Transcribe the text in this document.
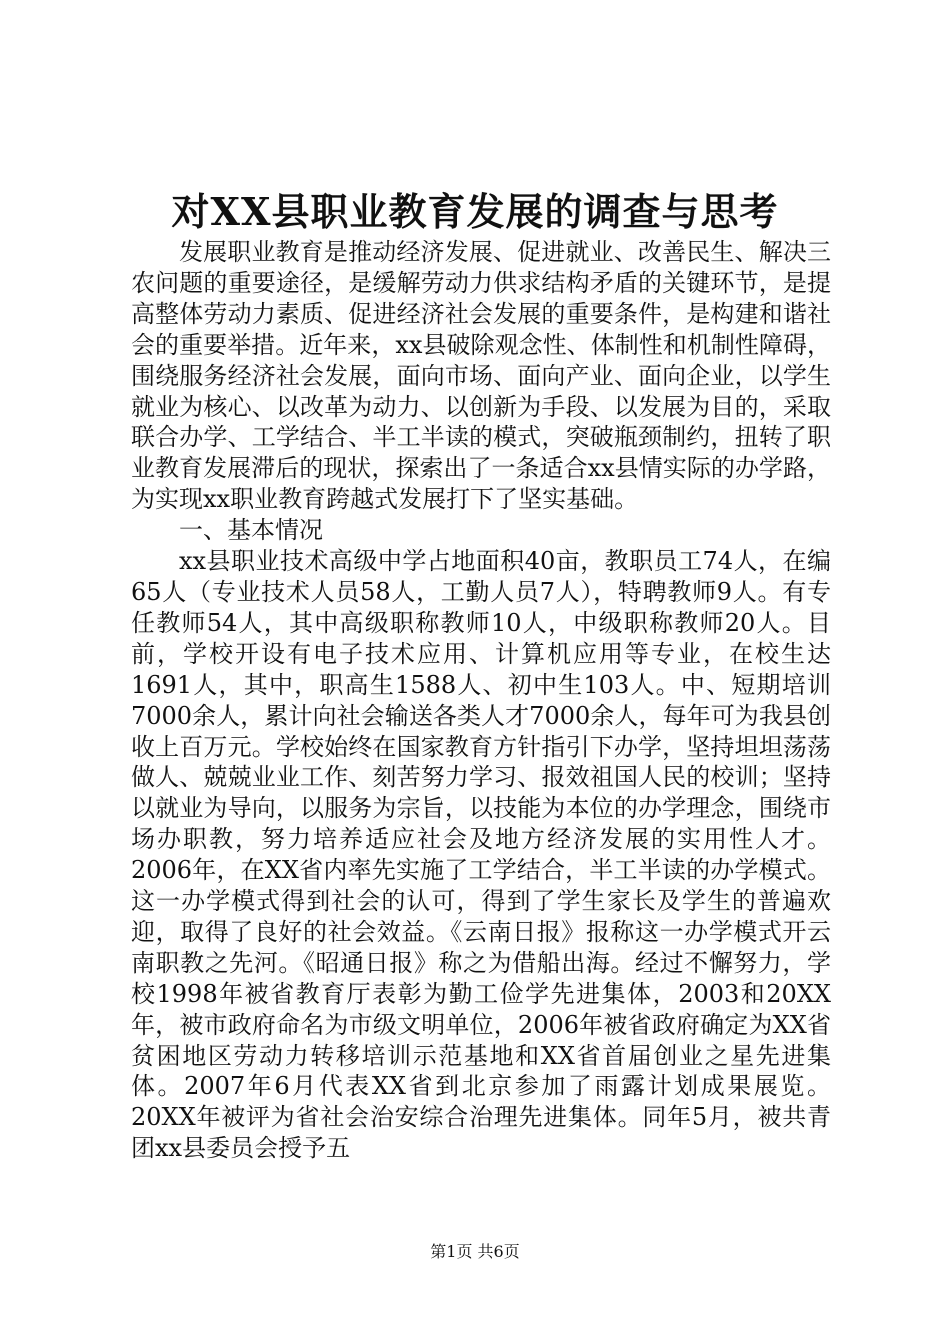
对XX县职业教育发展的调查与思考

发展职业教育是推动经济发展、促进就业、改善民生、解决三农问题的重要途径，是缓解劳动力供求结构矛盾的关键环节，是提高整体劳动力素质、促进经济社会发展的重要条件，是构建和谐社会的重要举措。近年来，xx县破除观念性、体制性和机制性障碍，围绕服务经济社会发展，面向市场、面向产业、面向企业，以学生就业为核心、以改革为动力、以创新为手段、以发展为目的，采取联合办学、工学结合、半工半读的模式，突破瓶颈制约，扭转了职业教育发展滞后的现状，探索出了一条适合xx县情实际的办学路，为实现xx职业教育跨越式发展打下了坚实基础。

一、基本情况

xx县职业技术高级中学占地面积40亩，教职员工74人，在编65人（专业技术人员58人，工勤人员7人），特聘教师9人。有专任教师54人，其中高级职称教师10人，中级职称教师20人。目前，学校开设有电子技术应用、计算机应用等专业，在校生达1691人，其中，职高生1588人、初中生103人。中、短期培训7000余人，累计向社会输送各类人才7000余人，每年可为我县创收上百万元。学校始终在国家教育方针指引下办学，坚持坦坦荡荡做人、兢兢业业工作、刻苦努力学习、报效祖国人民的校训；坚持以就业为导向，以服务为宗旨，以技能为本位的办学理念，围绕市场办职教，努力培养适应社会及地方经济发展的实用性人才。2006年，在XX省内率先实施了工学结合，半工半读的办学模式。这一办学模式得到社会的认可，得到了学生家长及学生的普遍欢迎，取得了良好的社会效益。《云南日报》报称这一办学模式开云南职教之先河。《昭通日报》称之为借船出海。经过不懈努力，学校1998年被省教育厅表彰为勤工俭学先进集体，2003和20XX年，被市政府命名为市级文明单位，2006年被省政府确定为XX省贫困地区劳动力转移培训示范基地和XX省首届创业之星先进集体。2007年6月代表XX省到北京参加了雨露计划成果展览。20XX年被评为省社会治安综合治理先进集体。同年5月，被共青团xx县委员会授予五

第1页 共6页
